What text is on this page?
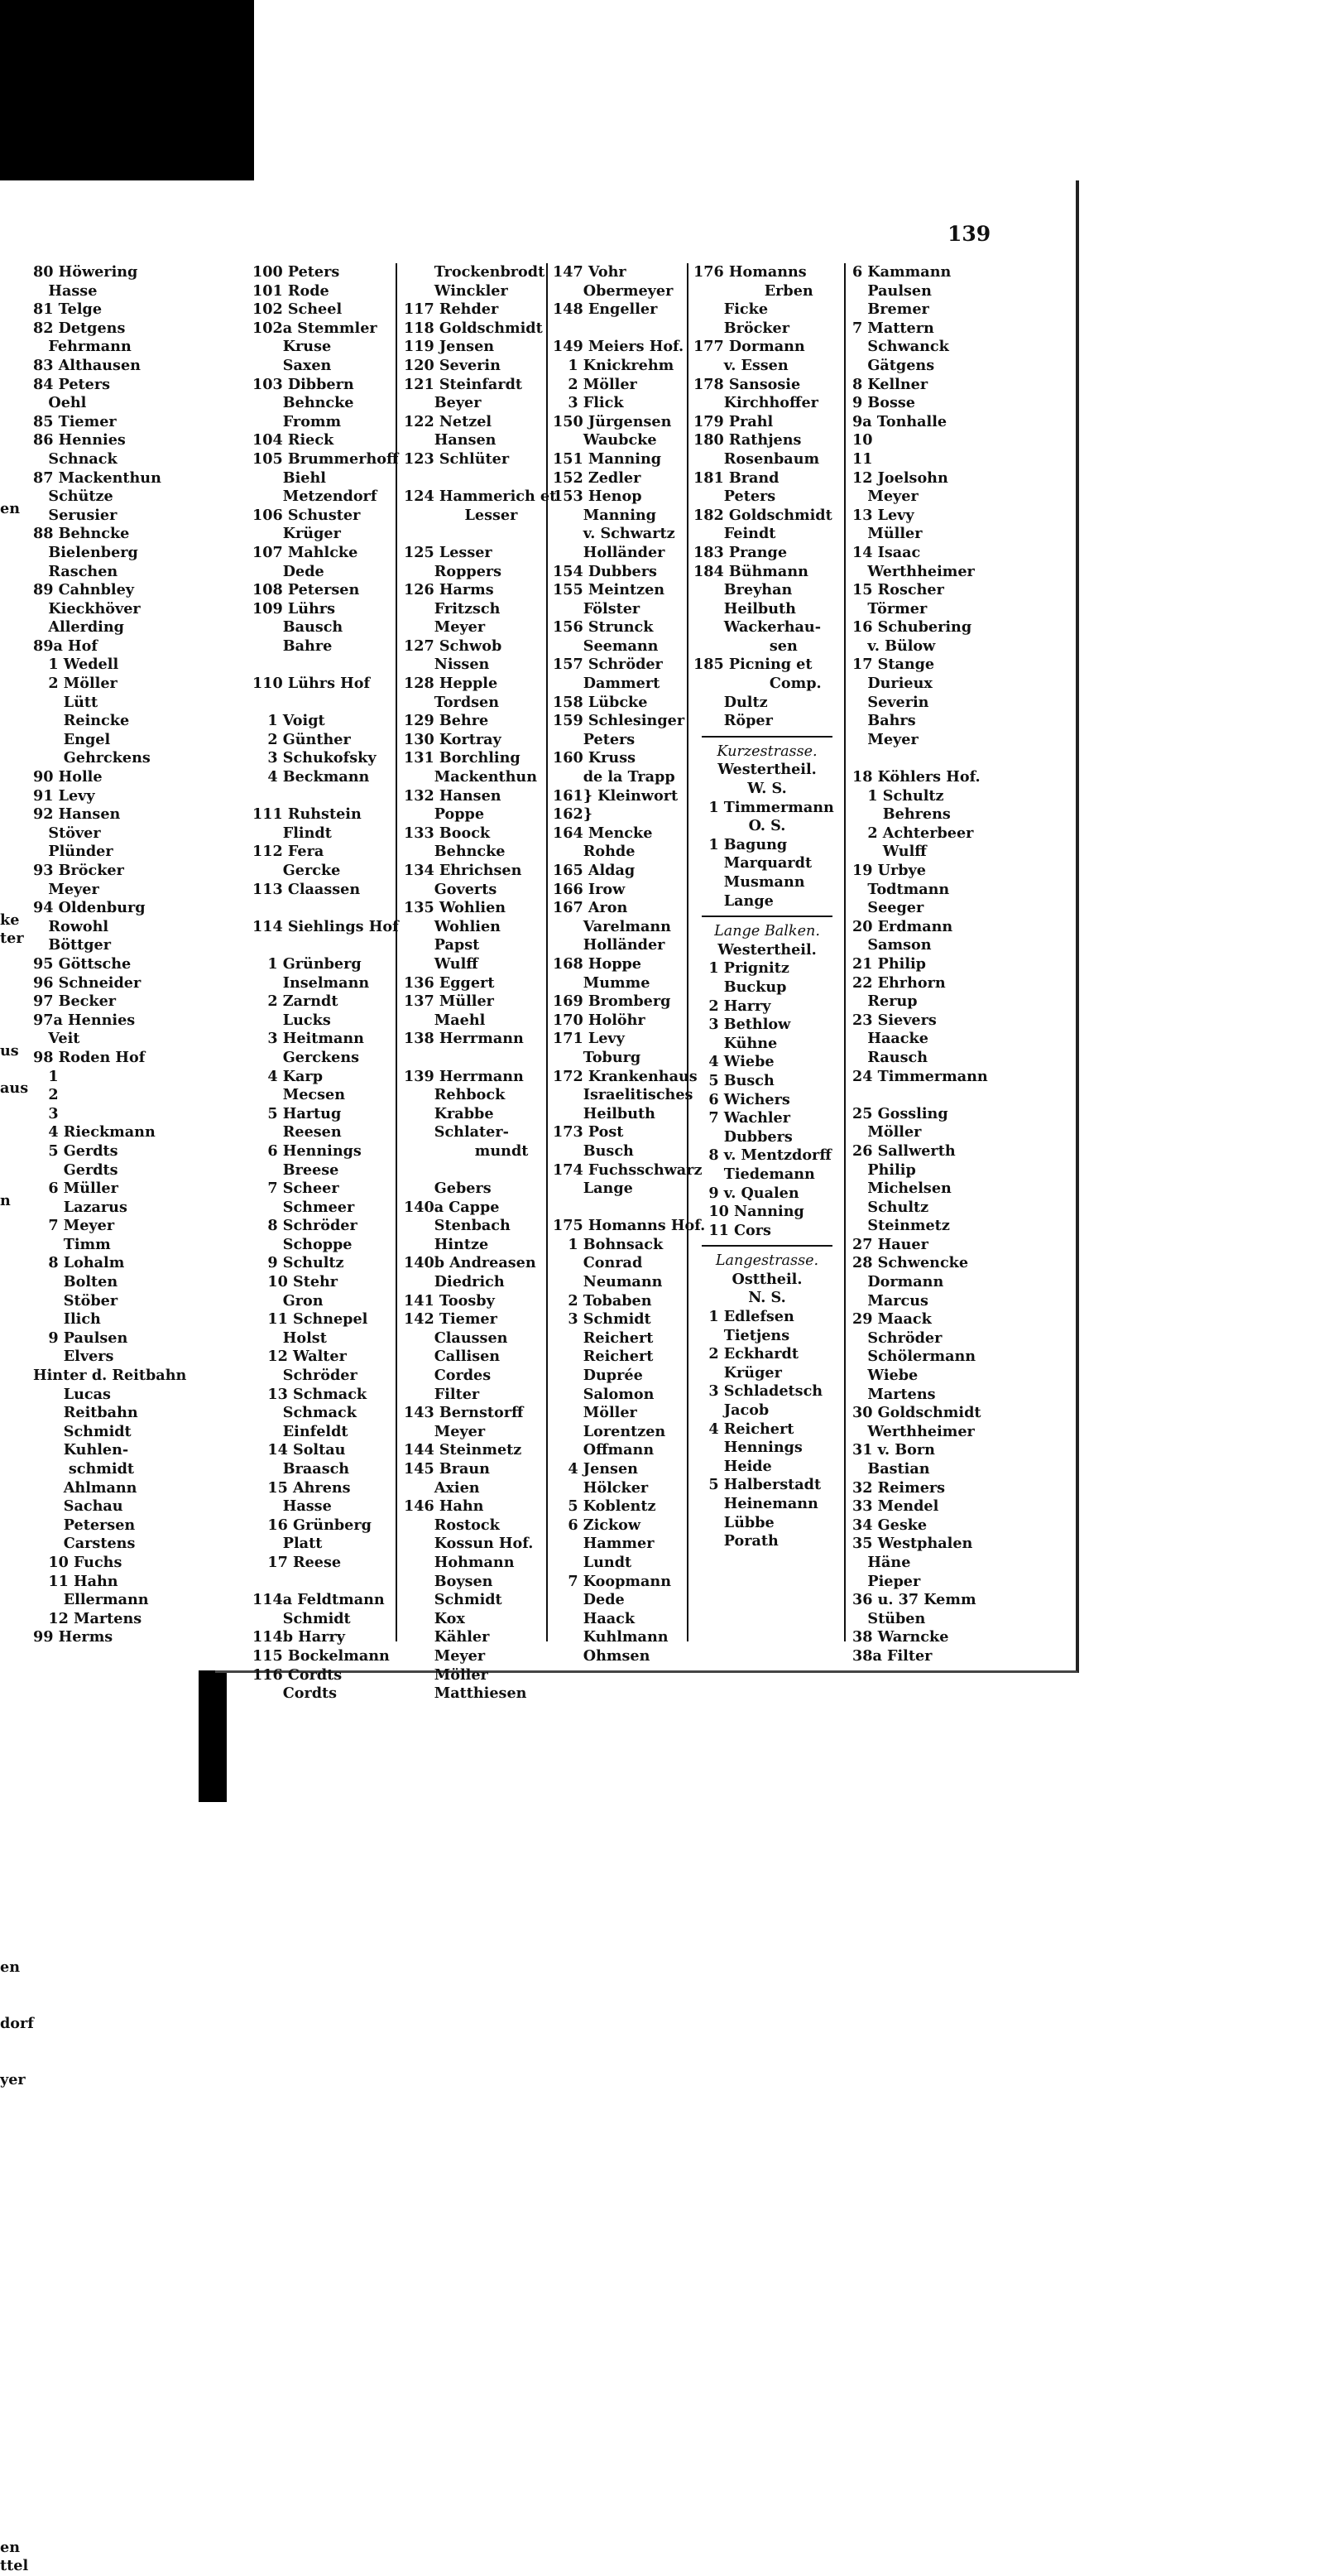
en
ke
ter
us
aus
n
en
dorf
yer
en
ttel
80 Höwering
Hasse
81 Telge
82 Detgens
Fehrmann
83 Althausen
84 Peters
Oehl
85 Tiemer
86 Hennies
Schnack
87 Mackenthun
Schütze
Serusier
88 Behncke
Bielenberg
Raschen
89 Cahnbley
Kieckhöver
Allerding
89a Hof
1 Wedell
2 Möller
Lütt
Reincke
Engel
Gehrckens
90 Holle
91 Levy
92 Hansen
Stöver
Plünder
93 Bröcker
Meyer
94 Oldenburg
Rowohl
Böttger
95 Göttsche
96 Schneider
97 Becker
97a Hennies
Veit
98 Roden Hof
1
2
3
4 Rieckmann
5 Gerdts
Gerdts
6 Müller
Lazarus
7 Meyer
Timm
8 Lohalm
Bolten
Stöber
Ilich
9 Paulsen
Elvers
Hinter d. Reitbahn
Lucas
Reitbahn
Schmidt
Kuhlen-
schmidt
Ahlmann
Sachau
Petersen
Carstens
10 Fuchs
11 Hahn
Ellermann
12 Martens
99 Herms
139
100 Peters
101 Rode
102 Scheel
102a Stemmler
Kruse
Saxen
103 Dibbern
Behncke
Fromm
104 Rieck
105 Brummerhoff
Biehl
Metzendorf
106 Schuster
Krüger
107 Mahlcke
Dede
108 Petersen
109 Lührs
Bausch
Bahre
110 Lührs Hof
1 Voigt
2 Günther
3 Schukofsky
4 Beckmann
111 Ruhstein
Flindt
112 Fera
Gercke
113 Claassen
114 Siehlings Hof
1 Grünberg
Inselmann
2 Zarndt
Lucks
3 Heitmann
Gerckens
4 Karp
Mecsen
5 Hartug
Reesen
6 Hennings
Breese
7 Scheer
Schmeer
8 Schröder
Schoppe
9 Schultz
10 Stehr
Gron
11 Schnepel
Holst
12 Walter
Schröder
13 Schmack
Schmack
Einfeldt
14 Soltau
Braasch
15 Ahrens
Hasse
16 Grünberg
Platt
17 Reese
114a Feldtmann
Schmidt
114b Harry
115 Bockelmann
116 Cordts
Cordts
Trockenbrodt
Winckler
117 Rehder
118 Goldschmidt
119 Jensen
120 Severin
121 Steinfardt
Beyer
122 Netzel
Hansen
123 Schlüter
124 Hammerich et
Lesser
125 Lesser
Roppers
126 Harms
Fritzsch
Meyer
127 Schwob
Nissen
128 Hepple
Tordsen
129 Behre
130 Kortray
131 Borchling
Mackenthun
132 Hansen
Poppe
133 Boock
Behncke
134 Ehrichsen
Goverts
135 Wohlien
Wohlien
Papst
Wulff
136 Eggert
137 Müller
Maehl
138 Herrmann
139 Herrmann
Rehbock
Krabbe
Schlater-
mundt
Gebers
140a Cappe
Stenbach
Hintze
140b Andreasen
Diedrich
141 Toosby
142 Tiemer
Claussen
Callisen
Cordes
Filter
143 Bernstorff
Meyer
144 Steinmetz
145 Braun
Axien
146 Hahn
Rostock
Kossun Hof.
Hohmann
Boysen
Schmidt
Kox
Kähler
Meyer
Möller
Matthiesen
147 Vohr
Obermeyer
148 Engeller
149 Meiers Hof.
1 Knickrehm
2 Möller
3 Flick
150 Jürgensen
Waubcke
151 Manning
152 Zedler
153 Henop
Manning
v. Schwartz
Holländer
154 Dubbers
155 Meintzen
Fölster
156 Strunck
Seemann
157 Schröder
Dammert
158 Lübcke
159 Schlesinger
Peters
160 Kruss
de la Trapp
161} Kleinwort
162}
164 Mencke
Rohde
165 Aldag
166 Irow
167 Aron
Varelmann
Holländer
168 Hoppe
Mumme
169 Bromberg
170 Holöhr
171 Levy
Toburg
172 Krankenhaus
Israelitisches
Heilbuth
173 Post
Busch
174 Fuchsschwarz
Lange
175 Homanns Hof.
1 Bohnsack
Conrad
Neumann
2 Tobaben
3 Schmidt
Reichert
Reichert
Duprée
Salomon
Möller
Lorentzen
Offmann
4 Jensen
Hölcker
5 Koblentz
6 Zickow
Hammer
Lundt
7 Koopmann
Dede
Haack
Kuhlmann
Ohmsen
176 Homanns
Erben
Ficke
Bröcker
177 Dormann
v. Essen
178 Sansosie
Kirchhoffer
179 Prahl
180 Rathjens
Rosenbaum
181 Brand
Peters
182 Goldschmidt
Feindt
183 Prange
184 Bühmann
Breyhan
Heilbuth
Wackerhau-
sen
185 Picning et
Comp.
Dultz
Röper
Kurzestrasse.
Westertheil.
W. S.
1 Timmermann
O. S.
1 Bagung
Marquardt
Musmann
Lange
Lange Balken.
Westertheil.
1 Prignitz
Buckup
2 Harry
3 Bethlow
Kühne
4 Wiebe
5 Busch
6 Wichers
7 Wachler
Dubbers
8 v. Mentzdorff
Tiedemann
9 v. Qualen
10 Nanning
11 Cors
Langestrasse.
Osttheil.
N. S.
1 Edlefsen
Tietjens
2 Eckhardt
Krüger
3 Schladetsch
Jacob
4 Reichert
Hennings
Heide
5 Halberstadt
Heinemann
Lübbe
Porath
6 Kammann
Paulsen
Bremer
7 Mattern
Schwanck
Gätgens
8 Kellner
9 Bosse
9a Tonhalle
10
11
12 Joelsohn
Meyer
13 Levy
Müller
14 Isaac
Werthheimer
15 Roscher
Törmer
16 Schubering
v. Bülow
17 Stange
Durieux
Severin
Bahrs
Meyer
18 Köhlers Hof.
1 Schultz
Behrens
2 Achterbeer
Wulff
19 Urbye
Todtmann
Seeger
20 Erdmann
Samson
21 Philip
22 Ehrhorn
Rerup
23 Sievers
Haacke
Rausch
24 Timmermann
25 Gossling
Möller
26 Sallwerth
Philip
Michelsen
Schultz
Steinmetz
27 Hauer
28 Schwencke
Dormann
Marcus
29 Maack
Schröder
Schölermann
Wiebe
Martens
30 Goldschmidt
Werthheimer
31 v. Born
Bastian
32 Reimers
33 Mendel
34 Geske
35 Westphalen
Häne
Pieper
36 u. 37 Kemm
Stüben
38 Warncke
38a Filter
